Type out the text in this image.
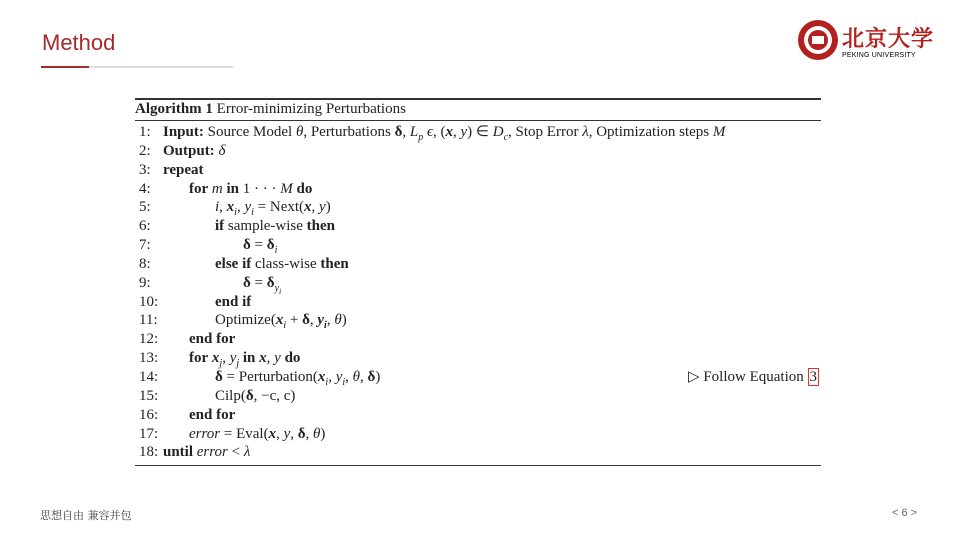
Method	北京大学
PEKING UNIVERSITY
Algorithm 1 Error-minimizing Perturbations
1: Input: Source Model θ, Perturbations δ, $L_p$ ϵ, (x, y) ∈ $D_c$, Stop Error λ, Optimization steps M
2: Output: δ
3: repeat
4:	for m in 1 · · · M do
5:	i, $x_i$, $y_i$ = Next(x, y)
6:	if sample-wise then
7:	$\delta = \delta_i$
8:	else if class-wise then
9:	$\delta = \delta_{y_i}$
10:	end if
11:	$Optimize(x_i + \delta$, $y_i$, θ)
12: end for
13: for $x_j$, $y_j$ in x, y do
14:	$\delta = Perturbation(x_i$, $y_i$, θ, δ)	▷ Follow Equation 3
15:	Cilp(δ, −c, c)
16: end for
17: error = Eval(x, y, δ, θ)
18: until error < λ
思想自由 兼容并包	< 6 >
